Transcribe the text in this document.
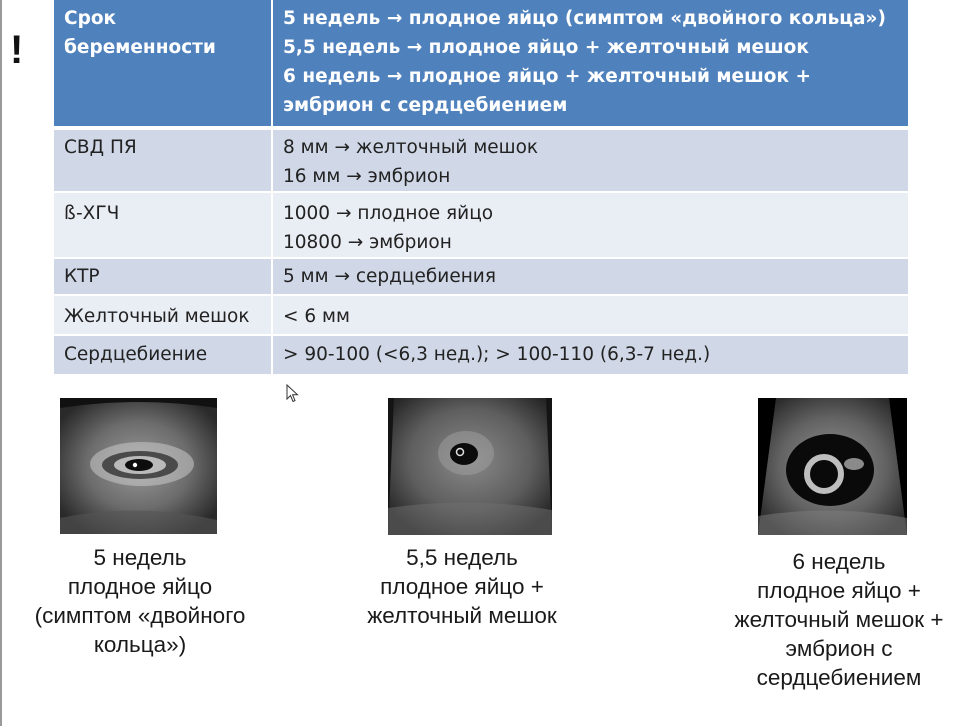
!
Срок
беременности	5 недель → плодное яйцо (симптом «двойного кольца»)
5,5 недель → плодное яйцо + желточный мешок
6 недель → плодное яйцо + желточный мешок +
эмбрион с сердцебиением

СВД ПЯ	8 мм → желточный мешок
16 мм → эмбрион

ß-ХГЧ	1000 → плодное яйцо
10800 → эмбрион

КТР	5 мм → сердцебиения

Желточный мешок	< 6 мм

Сердцебиение	> 90-100 (<6,3 нед.); > 100-110 (6,3-7 нед.)
5 недель
плодное яйцо
(симптом «двойного
кольца»)
5,5 недель
плодное яйцо +
желточный мешок
6 недель
плодное яйцо +
желточный мешок +
эмбрион с
сердцебиением
